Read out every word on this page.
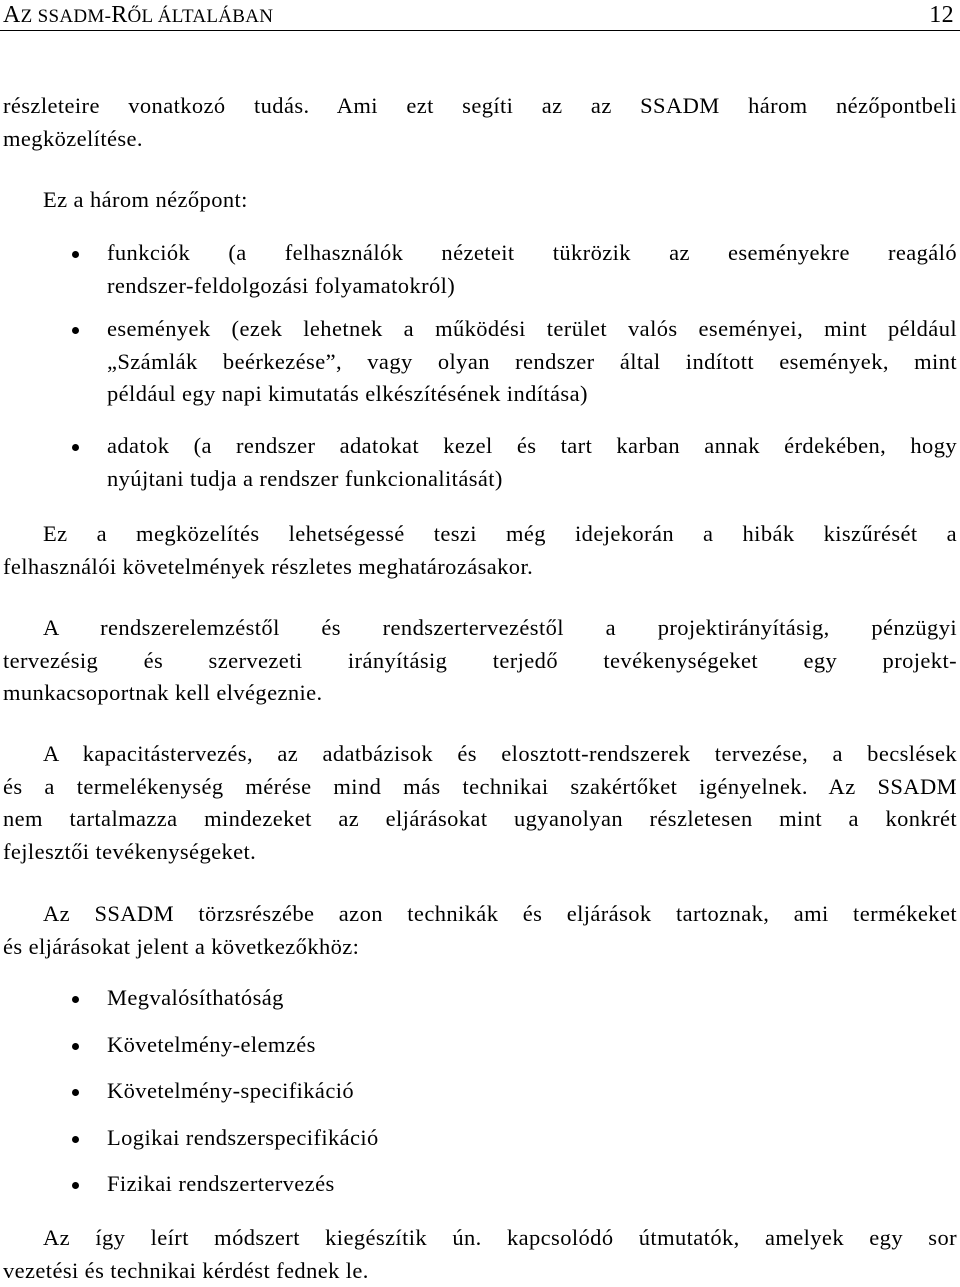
AZ SSADM-RŐL ÁLTALÁBAN	12
részleteire vonatkozó tudás. Ami ezt segíti az az SSADM három nézőpontbeli
megközelítése.
Ez a három nézőpont:
funkciók (a felhasználók nézeteit tükrözik az eseményekre reagáló
rendszer-feldolgozási folyamatokról)
események (ezek lehetnek a működési terület valós eseményei, mint például
„Számlák beérkezése”, vagy olyan rendszer által indított események, mint
például egy napi kimutatás elkészítésének indítása)
adatok (a rendszer adatokat kezel és tart karban annak érdekében, hogy
nyújtani tudja a rendszer funkcionalitását)
Ez a megközelítés lehetségessé teszi még idejekorán a hibák kiszűrését a
felhasználói követelmények részletes meghatározásakor.
A rendszerelemzéstől és rendszertervezéstől a projektirányításig, pénzügyi
tervezésig és szervezeti irányításig terjedő tevékenységeket egy projekt-
munkacsoportnak kell elvégeznie.
A kapacitástervezés, az adatbázisok és elosztott-rendszerek tervezése, a becslések
és a termelékenység mérése mind más technikai szakértőket igényelnek. Az SSADM
nem tartalmazza mindezeket az eljárásokat ugyanolyan részletesen mint a konkrét
fejlesztői tevékenységeket.
Az SSADM törzsrészébe azon technikák és eljárások tartoznak, ami termékeket
és eljárásokat jelent a következőkhöz:
Megvalósíthatóság
Követelmény-elemzés
Követelmény-specifikáció
Logikai rendszerspecifikáció
Fizikai rendszertervezés
Az így leírt módszert kiegészítik ún. kapcsolódó útmutatók, amelyek egy sor
vezetési és technikai kérdést fednek le.
